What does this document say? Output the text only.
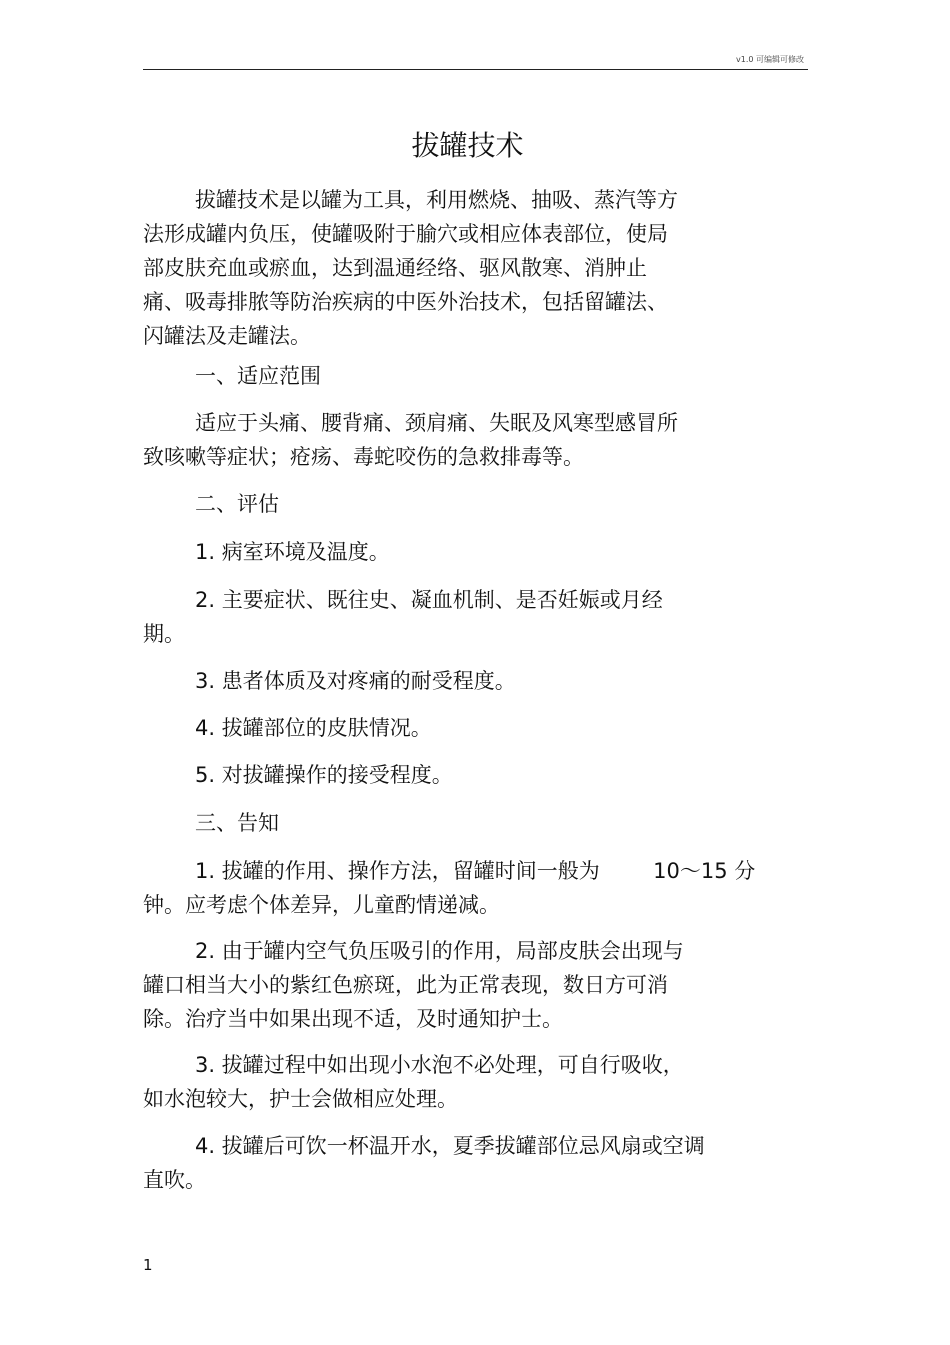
v1.0 可编辑可修改
拔罐技术
拔罐技术是以罐为工具，利用燃烧、抽吸、蒸汽等方
法形成罐内负压，使罐吸附于腧穴或相应体表部位，使局
部皮肤充血或瘀血，达到温通经络、驱风散寒、消肿止
痛、吸毒排脓等防治疾病的中医外治技术，包括留罐法、
闪罐法及走罐法。
一、适应范围
适应于头痛、腰背痛、颈肩痛、失眠及风寒型感冒所
致咳嗽等症状；疮疡、毒蛇咬伤的急救排毒等。
二、评估
1. 病室环境及温度。
2. 主要症状、既往史、凝血机制、是否妊娠或月经
期。
3. 患者体质及对疼痛的耐受程度。
4. 拔罐部位的皮肤情况。
5. 对拔罐操作的接受程度。
三、告知
1. 拔罐的作用、操作方法，留罐时间一般为        10～15 分
钟。应考虑个体差异，儿童酌情递减。
2. 由于罐内空气负压吸引的作用，局部皮肤会出现与
罐口相当大小的紫红色瘀斑，此为正常表现，数日方可消
除。治疗当中如果出现不适，及时通知护士。
3. 拔罐过程中如出现小水泡不必处理，可自行吸收，
如水泡较大，护士会做相应处理。
4. 拔罐后可饮一杯温开水，夏季拔罐部位忌风扇或空调
直吹。
1
